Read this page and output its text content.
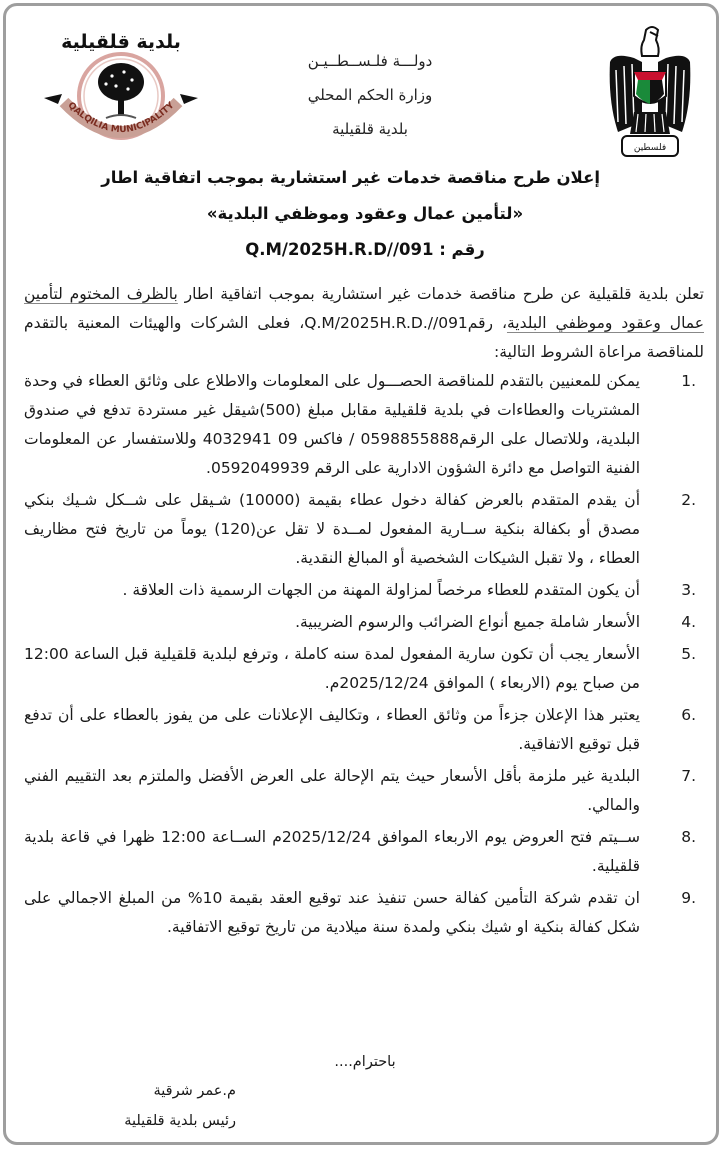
بلدية قلقيلية
QALQILIA MUNICIPALITY
دولـــة فلـســطــيـن
وزارة الحكم المحلي
بلدية قلقيلية
فلسطين
إعلان طرح مناقصة خدمات غير استشارية بموجب اتفاقية اطار
«لتأمين عمال وعقود وموظفي البلدية»
رقم : Q.M/2025H.R.D//091

تعلن بلدية قلقيلية عن طرح مناقصة خدمات غير استشارية بموجب اتفاقية اطار بالظرف المختوم لتأمين عمال وعقود وموظفي البلدية، رقمQ.M/2025H.R.D.//091، فعلى الشركات والهيئات المعنية بالتقدم للمناقصة مراعاة الشروط التالية:

1.
يمكن للمعنيين بالتقدم للمناقصة الحصـــول على المعلومات والاطلاع على وثائق العطاء في وحدة المشتريات والعطاءات في بلدية قلقيلية مقابل مبلغ (500)شيقل غير مستردة تدفع في صندوق البلدية، وللاتصال على الرقم0598855888 / فاكس 09 4032941 وللاستفسار عن المعلومات الفنية التواصل مع دائرة الشؤون الادارية على الرقم 0592049939.
2.
أن يقدم المتقدم بالعرض كفالة دخول عطاء بقيمة (10000) شـيقل على شــكل شـيك بنكي مصدق أو بكفالة بنكية ســارية المفعول لمــدة لا تقل عن(120) يوماً من تاريخ فتح مظاريف العطاء ، ولا تقبل الشيكات الشخصية أو المبالغ النقدية.
3.
أن يكون المتقدم للعطاء مرخصاً لمزاولة المهنة من الجهات الرسمية ذات العلاقة .
4.
الأسعار شاملة جميع أنواع الضرائب والرسوم الضريبية.
5.
الأسعار يجب أن تكون سارية المفعول لمدة سنه كاملة ، وترفع لبلدية قلقيلية قبل الساعة 12:00 من صباح يوم (الاربعاء ) الموافق 2025/12/24م.
6.
يعتبر هذا الإعلان جزءاً من وثائق العطاء ، وتكاليف الإعلانات على من يفوز بالعطاء على أن تدفع قبل توقيع الاتفاقية.
7.
البلدية غير ملزمة بأقل الأسعار حيث يتم الإحالة على العرض الأفضل والملتزم بعد التقييم الفني والمالي.
8.
ســيتم فتح العروض يوم الاربعاء الموافق 2025/12/24م الســاعة 12:00 ظهرا في قاعة بلدية قلقيلية.
9.
ان تقدم شركة التأمين كفالة حسن تنفيذ عند توقيع العقد بقيمة 10% من المبلغ الاجمالي على شكل كفالة بنكية او شيك بنكي ولمدة سنة ميلادية من تاريخ توقيع الاتفاقية.
باحترام....
م.عمر شرقية
رئيس بلدية قلقيلية
